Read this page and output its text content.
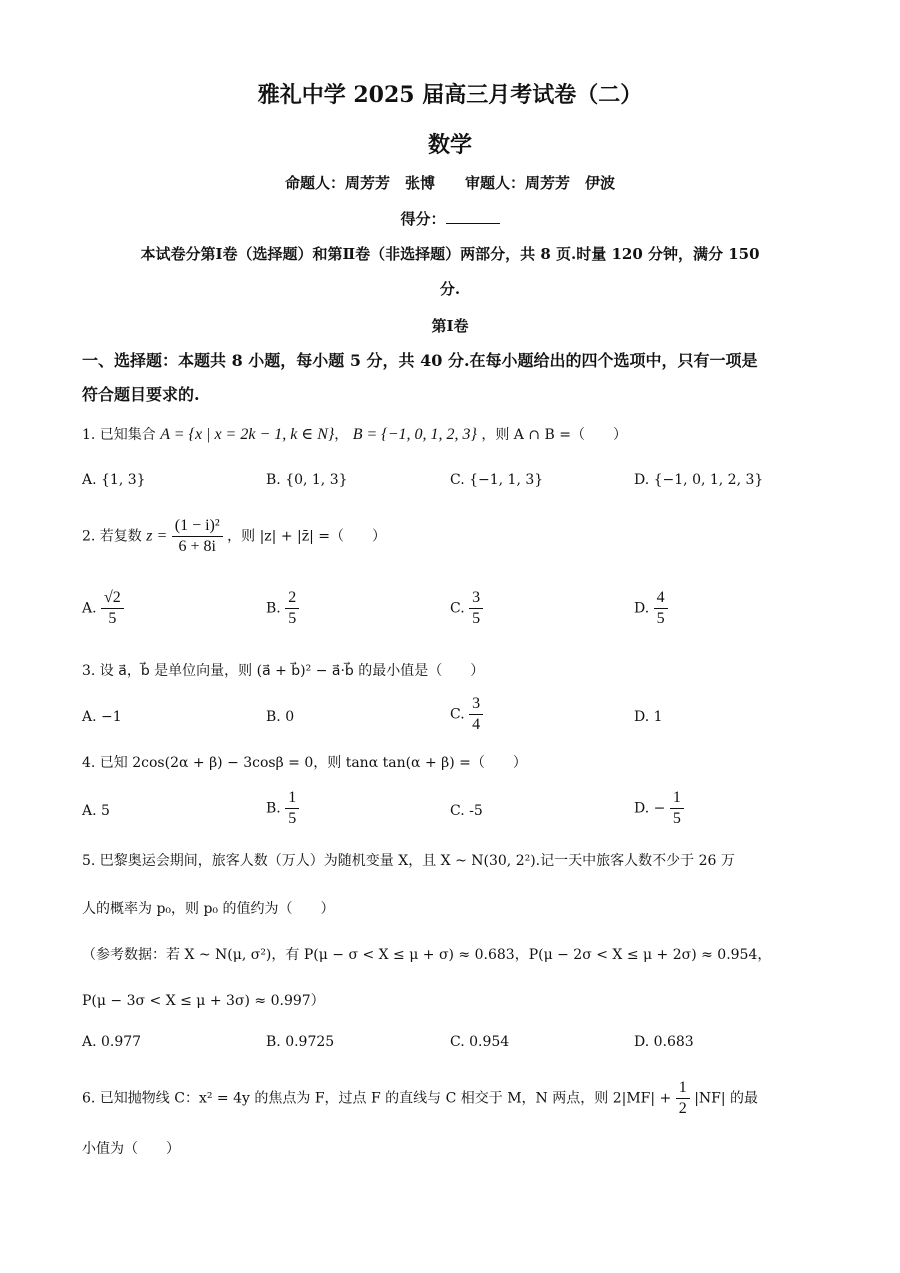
雅礼中学 2025 届高三月考试卷（二）
数学
命题人：周芳芳　张博　　审题人：周芳芳　伊波
得分：
本试卷分第Ⅰ卷（选择题）和第Ⅱ卷（非选择题）两部分，共 8 页.时量 120 分钟，满分 150
分.
第Ⅰ卷
一、选择题：本题共 8 小题，每小题 5 分，共 40 分.在每小题给出的四个选项中，只有一项是
符合题目要求的.
1. 已知集合 A = {x | x = 2k − 1, k ∈ N}， B = {−1, 0, 1, 2, 3} ，则 A ∩ B =（　　）
A. {1, 3}	B. {0, 1, 3}	C. {−1, 1, 3}	D. {−1, 0, 1, 2, 3}
2. 若复数 $z = \frac{\text{(1 − i)²}}{6 + 8i}$ ，则 |z| + |z̄| =（　　）
A. $\frac{√2}{5}$	B. $\frac{2}{5}$	C. $\frac{3}{5}$	D. $\frac{4}{5}$
3. 设 a⃗，b⃗ 是单位向量，则 (a⃗ + b⃗)² − a⃗·b⃗ 的最小值是（　　）
A. −1	B. 0	C. $\frac{3}{4}$	D. 1
4. 已知 2cos(2α + β) − 3cosβ = 0，则 tanα tan(α + β) =（　　）
A. 5	B. $\frac{1}{5}$	C. -5	D. − $\frac{1}{5}$
5. 巴黎奥运会期间，旅客人数（万人）为随机变量 X，且 X ~ N(30, 2²).记一天中旅客人数不少于 26 万
人的概率为 p₀，则 p₀ 的值约为（　　）
（参考数据：若 X ~ N(μ, σ²)，有 P(μ − σ < X ≤ μ + σ) ≈ 0.683，P(μ − 2σ < X ≤ μ + 2σ) ≈ 0.954，
P(μ − 3σ < X ≤ μ + 3σ) ≈ 0.997）
A. 0.977	B. 0.9725	C. 0.954	D. 0.683
6. 已知抛物线 C：x² = 4y 的焦点为 F，过点 F 的直线与 C 相交于 M，N 两点，则 $2|MF| + \frac{1}{2} |NF|$ 的最
小值为（　　）
